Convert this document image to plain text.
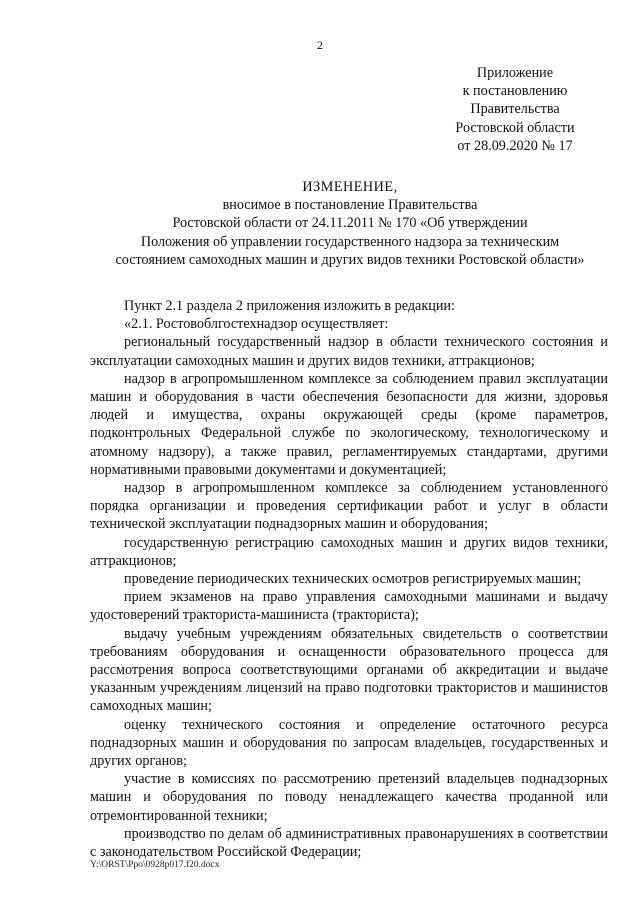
2
Приложение
к постановлению
Правительства
Ростовской области
от 28.09.2020 № 17
ИЗМЕНЕНИЕ,
вносимое в постановление Правительства
Ростовской области от 24.11.2011 № 170 «Об утверждении
Положения об управлении государственного надзора за техническим
состоянием самоходных машин и других видов техники Ростовской области»

Пункт 2.1 раздела 2 приложения изложить в редакции:

«2.1. Ростовоблгостехнадзор осуществляет:

региональный государственный надзор в области технического состояния и эксплуатации самоходных машин и других видов техники, аттракционов;

надзор в агропромышленном комплексе за соблюдением правил эксплуатации машин и оборудования в части обеспечения безопасности для жизни, здоровья людей и имущества, охраны окружающей среды (кроме параметров, подконтрольных Федеральной службе по экологическому, технологическому и атомному надзору), а также правил, регламентируемых стандартами, другими нормативными правовыми документами и документацией;

надзор в агропромышленном комплексе за соблюдением установленного порядка организации и проведения сертификации работ и услуг в области технической эксплуатации поднадзорных машин и оборудования;

государственную регистрацию самоходных машин и других видов техники, аттракционов;

проведение периодических технических осмотров регистрируемых машин;

прием экзаменов на право управления самоходными машинами и выдачу удостоверений тракториста-машиниста (тракториста);

выдачу учебным учреждениям обязательных свидетельств о соответствии требованиям оборудования и оснащенности образовательного процесса для рассмотрения вопроса соответствующими органами об аккредитации и выдаче указанным учреждениям лицензий на право подготовки трактористов и машинистов самоходных машин;

оценку технического состояния и определение остаточного ресурса поднадзорных машин и оборудования по запросам владельцев, государственных и других органов;

участие в комиссиях по рассмотрению претензий владельцев поднадзорных машин и оборудования по поводу ненадлежащего качества проданной или отремонтированной техники;

производство по делам об административных правонарушениях в соответствии с законодательством Российской Федерации;

Y:\ORST\Ppo\0928p017.f20.docx
